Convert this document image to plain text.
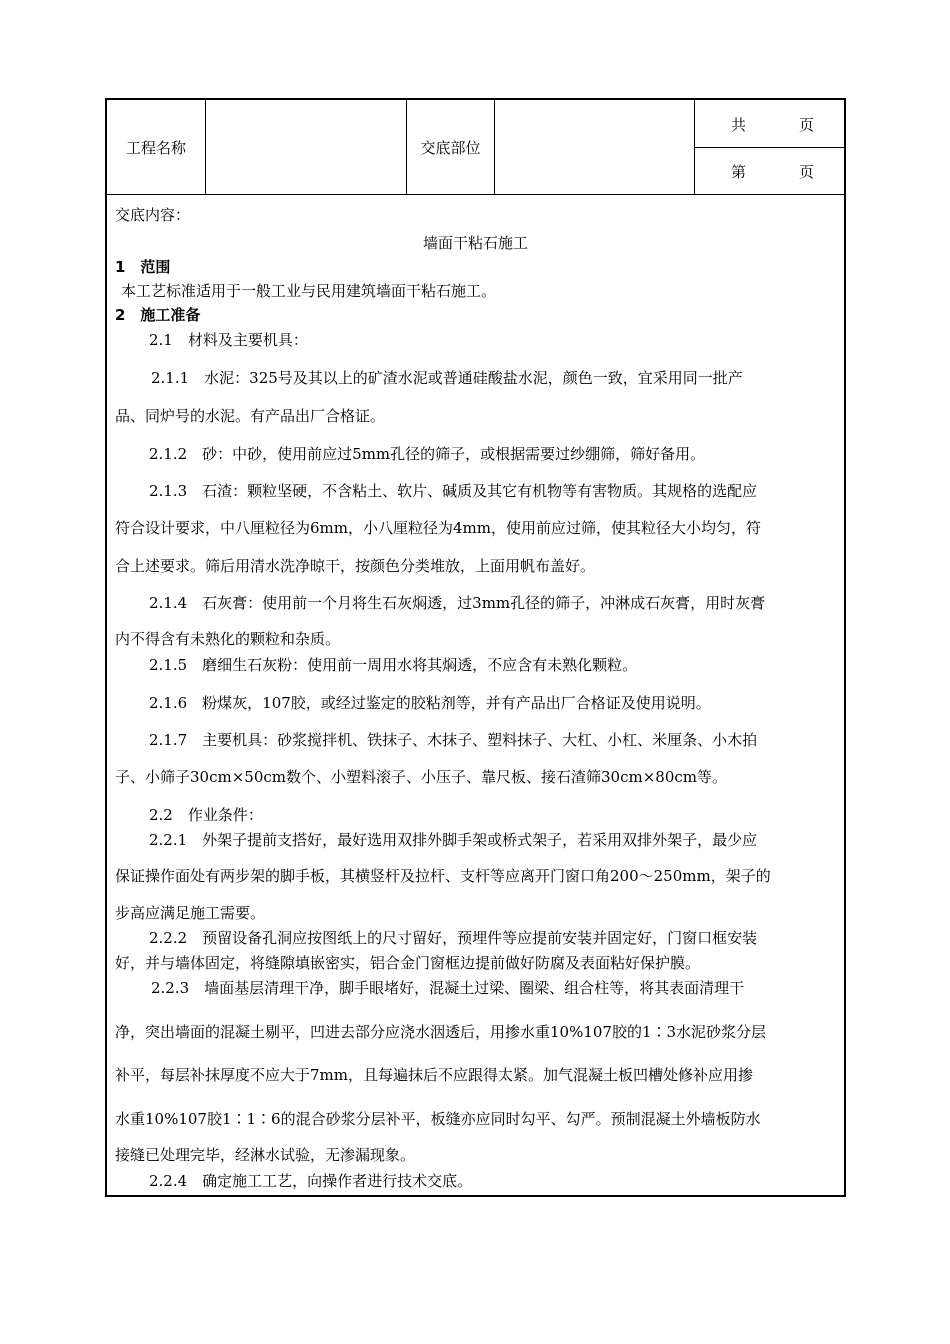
工程名称	交底部位
共	页
第	页
交底内容：
墙面干粘石施工
1　范围
本工艺标准适用于一般工业与民用建筑墙面干粘石施工。
2　施工准备
2.1　材料及主要机具：
2.1.1　水泥：325号及其以上的矿渣水泥或普通硅酸盐水泥，颜色一致，宜采用同一批产
品、同炉号的水泥。有产品出厂合格证。
2.1.2　砂：中砂，使用前应过5mm孔径的筛子，或根据需要过纱绷筛，筛好备用。
2.1.3　石渣：颗粒坚硬，不含粘土、软片、碱质及其它有机物等有害物质。其规格的选配应
符合设计要求，中八厘粒径为6mm，小八厘粒径为4mm，使用前应过筛，使其粒径大小均匀，符
合上述要求。筛后用清水洗净晾干，按颜色分类堆放，上面用帆布盖好。
2.1.4　石灰膏：使用前一个月将生石灰焖透，过3mm孔径的筛子，冲淋成石灰膏，用时灰膏
内不得含有未熟化的颗粒和杂质。
2.1.5　磨细生石灰粉：使用前一周用水将其焖透，不应含有未熟化颗粒。
2.1.6　粉煤灰，107胶，或经过鉴定的胶粘剂等，并有产品出厂合格证及使用说明。
2.1.7　主要机具：砂浆搅拌机、铁抹子、木抹子、塑料抹子、大杠、小杠、米厘条、小木拍
子、小筛子30cm×50cm数个、小塑料滚子、小压子、靠尺板、接石渣筛30cm×80cm等。
2.2　作业条件：
2.2.1　外架子提前支搭好，最好选用双排外脚手架或桥式架子，若采用双排外架子，最少应
保证操作面处有两步架的脚手板，其横竖杆及拉杆、支杆等应离开门窗口角200～250mm，架子的
步高应满足施工需要。
2.2.2　预留设备孔洞应按图纸上的尺寸留好，预埋件等应提前安装并固定好，门窗口框安装
好，并与墙体固定，将缝隙填嵌密实，铝合金门窗框边提前做好防腐及表面粘好保护膜。
2.2.3　墙面基层清理干净，脚手眼堵好，混凝土过梁、圈梁、组合柱等，将其表面清理干
净，突出墙面的混凝土剔平，凹进去部分应浇水洇透后，用掺水重10%107胶的1∶3水泥砂浆分层
补平，每层补抹厚度不应大于7mm，且每遍抹后不应跟得太紧。加气混凝土板凹槽处修补应用掺
水重10%107胶1∶1∶6的混合砂浆分层补平，板缝亦应同时勾平、勾严。预制混凝土外墙板防水
接缝已处理完毕，经淋水试验，无渗漏现象。
2.2.4　确定施工工艺，向操作者进行技术交底。
